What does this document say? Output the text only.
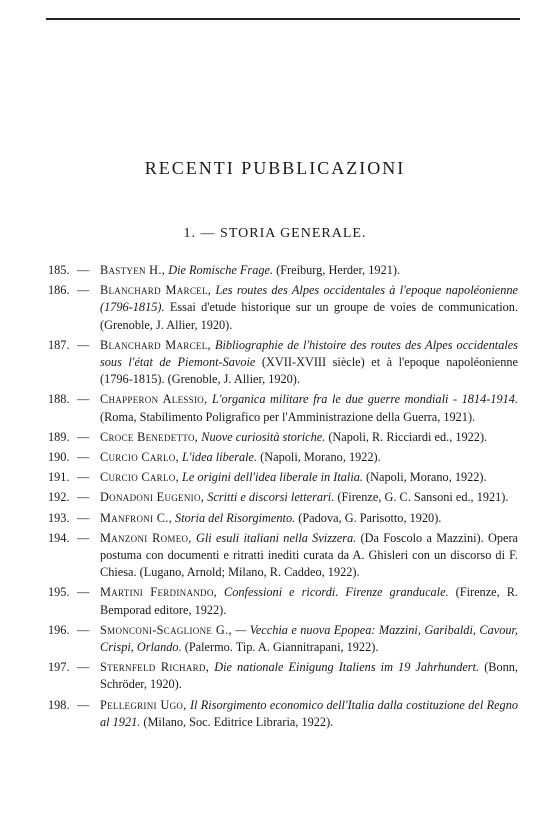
RECENTI PUBBLICAZIONI
1. — STORIA GENERALE.
185. — Bastyen H., Die Romische Frage. (Freiburg, Herder, 1921).
186. — Blanchard Marcel, Les routes des Alpes occidentales à l'epoque napoléonienne (1796-1815). Essai d'etude historique sur un groupe de voies de communication. (Grenoble, J. Allier, 1920).
187. — Blanchard Marcel, Bibliographie de l'histoire des routes des Alpes occidentales sous l'état de Piemont-Savoie (XVII-XVIII siècle) et à l'epoque napoléonienne (1796-1815). (Grenoble, J. Allier, 1920).
188. — Chapperon Alessio, L'organica militare fra le due guerre mondiali - 1814-1914. (Roma, Stabilimento Poligrafico per l'Amministrazione della Guerra, 1921).
189. — Croce Benedetto, Nuove curiosità storiche. (Napoli, R. Ricciardi ed., 1922).
190. — Curcio Carlo, L'idea liberale. (Napoli, Morano, 1922).
191. — Curcio Carlo, Le origini dell'idea liberale in Italia. (Napoli, Morano, 1922).
192. — Donadoni Eugenio, Scritti e discorsi letterari. (Firenze, G. C. Sansoni ed., 1921).
193. — Manfroni C., Storia del Risorgimento. (Padova, G. Parisotto, 1920).
194. — Manzoni Romeo, Gli esuli italiani nella Svizzera. (Da Foscolo a Mazzini). Opera postuma con documenti e ritratti inediti curata da A. Ghisleri con un discorso di F. Chiesa. (Lugano, Arnold; Milano, R. Caddeo, 1922).
195. — Martini Ferdinando, Confessioni e ricordi. Firenze granducale. (Firenze, R. Bemporad editore, 1922).
196. — Smonconi-Scaglione G., — Vecchia e nuova Epopea: Mazzini, Garibaldi, Cavour, Crispi, Orlando. (Palermo. Tip. A. Giannitrapani, 1922).
197. — Sternfeld Richard, Die nationale Einigung Italiens im 19 Jahrhundert. (Bonn, Schröder, 1920).
198. — Pellegrini Ugo, Il Risorgimento economico dell'Italia dalla costituzione del Regno al 1921. (Milano, Soc. Editrice Libraria, 1922).
